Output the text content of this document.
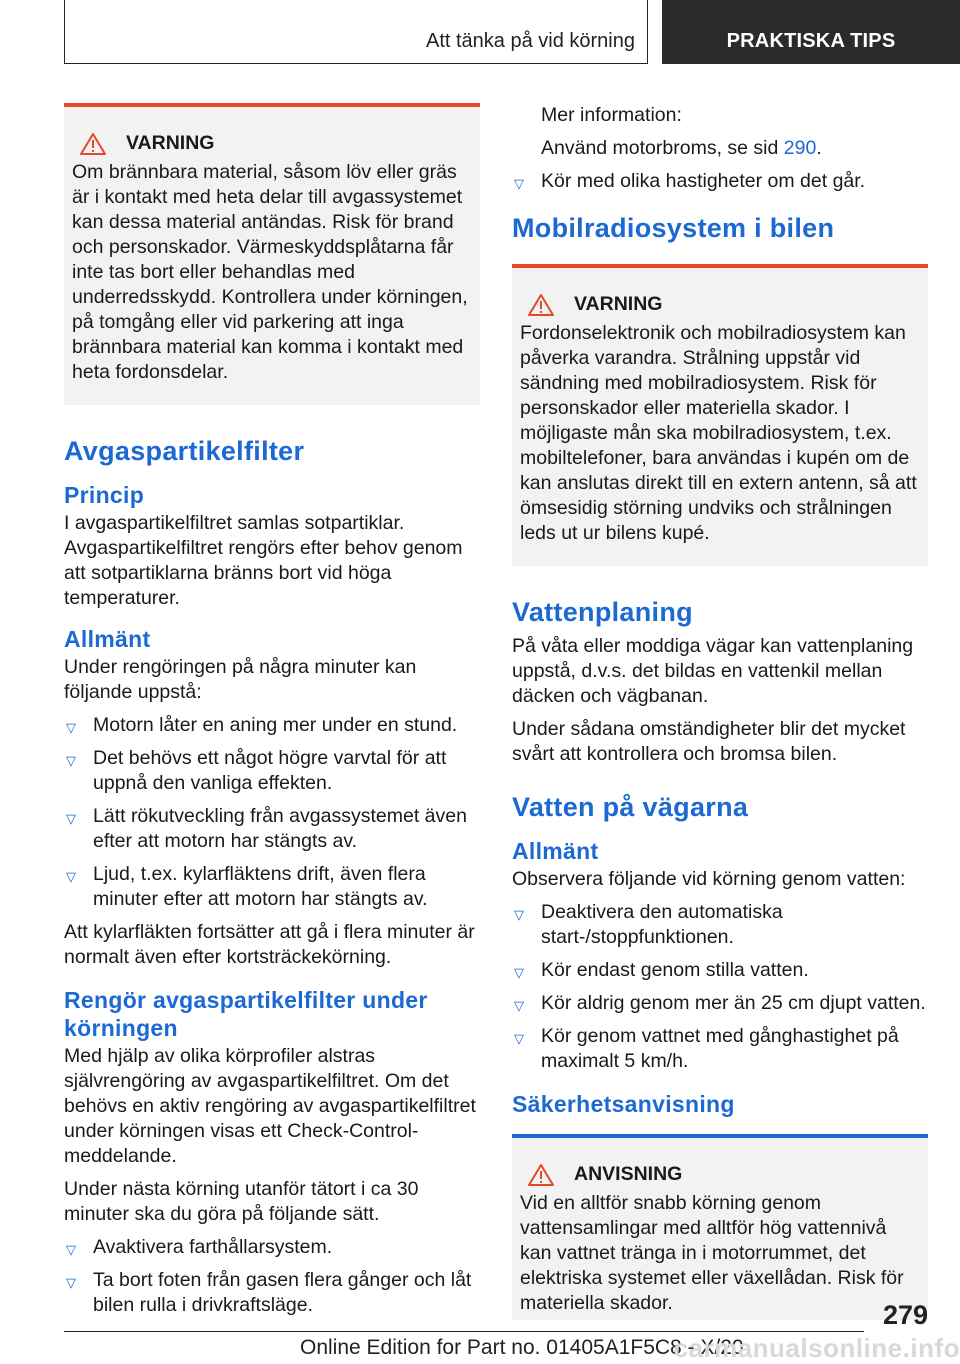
Att tänka på vid körning	PRAKTISKA TIPS
VARNING

Om brännbara material, såsom löv eller gräs är i kontakt med heta delar till avgassystemet kan dessa material antändas. Risk för brand och personskador. Värmeskyddsplåtarna får inte tas bort eller behandlas med underredsskydd. Kontrollera under körningen, på tomgång eller vid parkering att inga brännbara material kan komma i kontakt med heta fordonsdelar.

Avgaspartikelfilter
Princip

I avgaspartikelfiltret samlas sotpartiklar. Avgaspartikelfiltret rengörs efter behov genom att sotpartiklarna bränns bort vid höga temperaturer.

Allmänt

Under rengöringen på några minuter kan följande uppstå:

▽ Motorn låter en aning mer under en stund.
▽ Det behövs ett något högre varvtal för att uppnå den vanliga effekten.
▽ Lätt rökutveckling från avgassystemet även efter att motorn har stängts av.
▽ Ljud, t.ex. kylarfläktens drift, även flera minuter efter att motorn har stängts av.

Att kylarfläkten fortsätter att gå i flera minuter är normalt även efter kortsträckekörning.

Rengör avgaspartikelfilter under körningen

Med hjälp av olika körprofiler alstras självrengöring av avgaspartikelfiltret. Om det behövs en aktiv rengöring av avgaspartikelfiltret under körningen visas ett Check-Control-meddelande.

Under nästa körning utanför tätort i ca 30 minuter ska du göra på följande sätt.

▽ Avaktivera farthållarsystem.
▽ Ta bort foten från gasen flera gånger och låt bilen rulla i drivkraftsläge.

Mer information:

Använd motorbroms, se sid 290.

▽ Kör med olika hastigheter om det går.
Mobilradiosystem i bilen
VARNING

Fordonselektronik och mobilradiosystem kan påverka varandra. Strålning uppstår vid sändning med mobilradiosystem. Risk för personskador eller materiella skador. I möjligaste mån ska mobilradiosystem, t.ex. mobiltelefoner, bara användas i kupén om de kan anslutas direkt till en extern antenn, så att ömsesidig störning undviks och strålningen leds ut ur bilens kupé.

Vattenplaning

På våta eller moddiga vägar kan vattenplaning uppstå, d.v.s. det bildas en vattenkil mellan däcken och vägbanan.

Under sådana omständigheter blir det mycket svårt att kontrollera och bromsa bilen.

Vatten på vägarna
Allmänt

Observera följande vid körning genom vatten:

▽ Deaktivera den automatiska start-/stoppfunktionen.
▽ Kör endast genom stilla vatten.
▽ Kör aldrig genom mer än 25 cm djupt vatten.
▽ Kör genom vattnet med gånghastighet på maximalt 5 km/h.
Säkerhetsanvisning
ANVISNING

Vid en alltför snabb körning genom vattensamlingar med alltför hög vattennivå kan vattnet tränga in i motorrummet, det elektriska systemet eller växellådan. Risk för materiella skador.	279
Online Edition for Part no. 01405A1F5C8 - X/20
carmanualsonline.info
